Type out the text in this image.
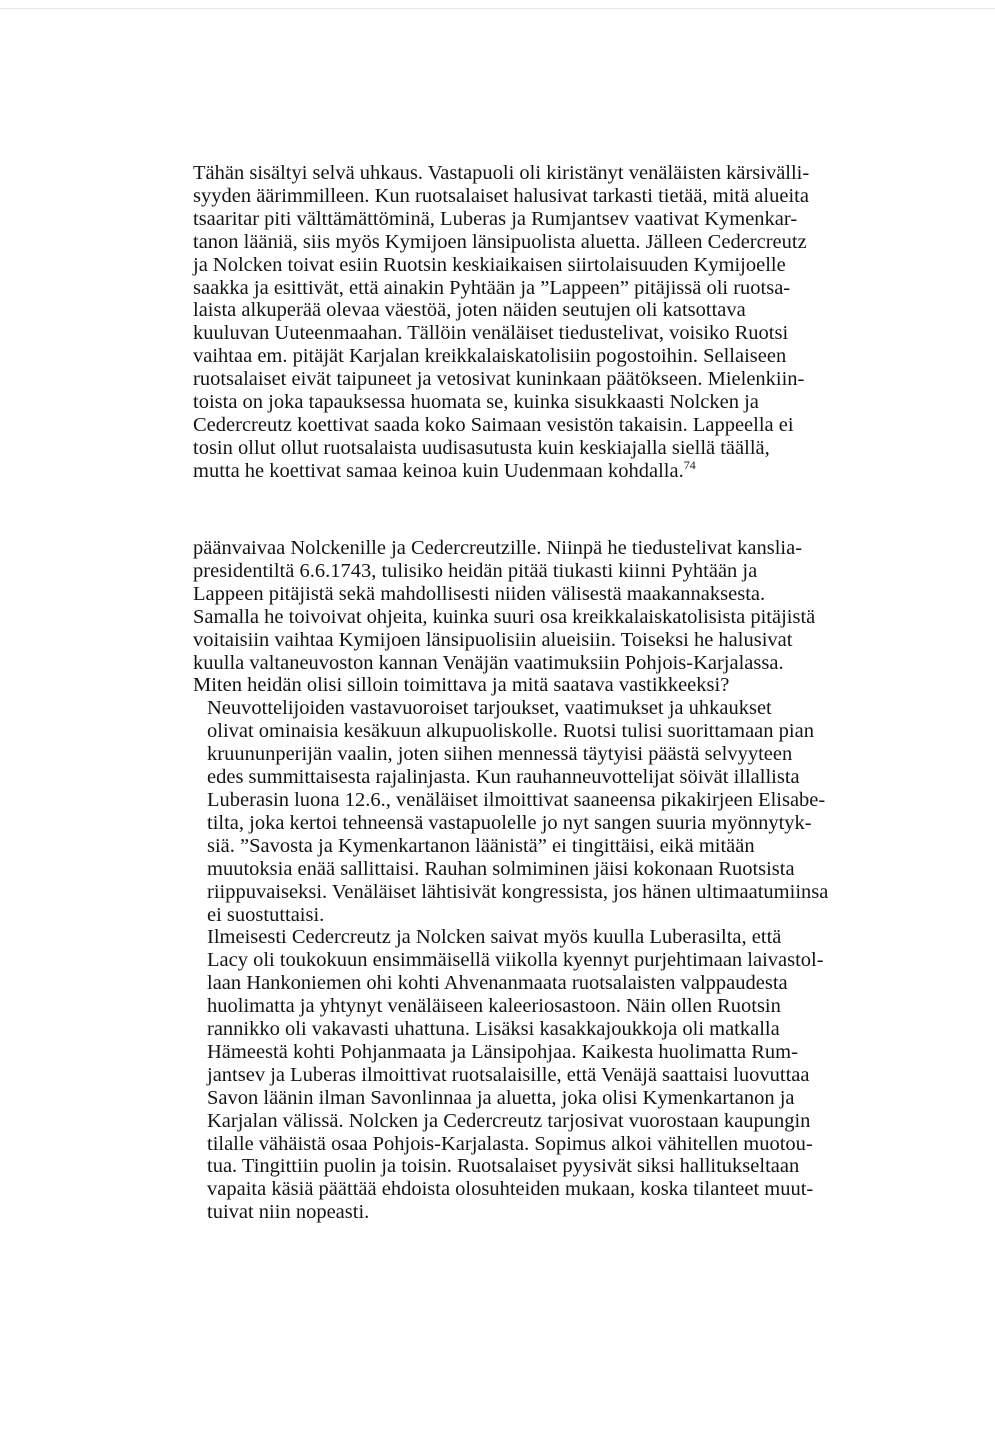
Tähän sisältyi selvä uhkaus. Vastapuoli oli kiristänyt venäläisten kärsivälli-
syyden äärimmilleen. Kun ruotsalaiset halusivat tarkasti tietää, mitä alueita
tsaaritar piti välttämättöminä, Luberas ja Rumjantsev vaativat Kymenkar-
tanon lääniä, siis myös Kymijoen länsipuolista aluetta. Jälleen Cedercreutz
ja Nolcken toivat esiin Ruotsin keskiaikaisen siirtolaisuuden Kymijoelle
saakka ja esittivät, että ainakin Pyhtään ja ”Lappeen” pitäjissä oli ruotsa-
laista alkuperää olevaa väestöä, joten näiden seutujen oli katsottava
kuuluvan Uuteenmaahan. Tällöin venäläiset tiedustelivat, voisiko Ruotsi
vaihtaa em. pitäjät Karjalan kreikkalaiskatolisiin pogostoihin. Sellaiseen
ruotsalaiset eivät taipuneet ja vetosivat kuninkaan päätökseen. Mielenkiin-
toista on joka tapauksessa huomata se, kuinka sisukkaasti Nolcken ja
Cedercreutz koettivat saada koko Saimaan vesistön takaisin. Lappeella ei
tosin ollut ollut ruotsalaista uudisasutusta kuin keskiajalla siellä täällä,
mutta he koettivat samaa keinoa kuin Uudenmaan kohdalla.$^{74}$

päänvaivaa Nolckenille ja Cedercreutzille. Niinpä he tiedustelivat kanslia-
presidentiltä 6.6.1743, tulisiko heidän pitää tiukasti kiinni Pyhtään ja
Lappeen pitäjistä sekä mahdollisesti niiden välisestä maakannaksesta.
Samalla he toivoivat ohjeita, kuinka suuri osa kreikkalaiskatolisista pitäjistä
voitaisiin vaihtaa Kymijoen länsipuolisiin alueisiin. Toiseksi he halusivat
kuulla valtaneuvoston kannan Venäjän vaatimuksiin Pohjois-Karjalassa.
Miten heidän olisi silloin toimittava ja mitä saatava vastikkeeksi?

Neuvottelijoiden vastavuoroiset tarjoukset, vaatimukset ja uhkaukset
olivat ominaisia kesäkuun alkupuoliskolle. Ruotsi tulisi suorittamaan pian
kruununperijän vaalin, joten siihen mennessä täytyisi päästä selvyyteen
edes summittaisesta rajalinjasta. Kun rauhanneuvottelijat söivät illallista
Luberasin luona 12.6., venäläiset ilmoittivat saaneensa pikakirjeen Elisabe-
tilta, joka kertoi tehneensä vastapuolelle jo nyt sangen suuria myönnytyk-
siä. ”Savosta ja Kymenkartanon läänistä” ei tingittäisi, eikä mitään
muutoksia enää sallittaisi. Rauhan solmiminen jäisi kokonaan Ruotsista
riippuvaiseksi. Venäläiset lähtisivät kongressista, jos hänen ultimaatumiinsa
ei suostuttaisi.

Ilmeisesti Cedercreutz ja Nolcken saivat myös kuulla Luberasilta, että
Lacy oli toukokuun ensimmäisellä viikolla kyennyt purjehtimaan laivastol-
laan Hankoniemen ohi kohti Ahvenanmaata ruotsalaisten valppaudesta
huolimatta ja yhtynyt venäläiseen kaleeriosastoon. Näin ollen Ruotsin
rannikko oli vakavasti uhattuna. Lisäksi kasakkajoukkoja oli matkalla
Hämeestä kohti Pohjanmaata ja Länsipohjaa. Kaikesta huolimatta Rum-
jantsev ja Luberas ilmoittivat ruotsalaisille, että Venäjä saattaisi luovuttaa
Savon läänin ilman Savonlinnaa ja aluetta, joka olisi Kymenkartanon ja
Karjalan välissä. Nolcken ja Cedercreutz tarjosivat vuorostaan kaupungin
tilalle vähäistä osaa Pohjois-Karjalasta. Sopimus alkoi vähitellen muotou-
tua. Tingittiin puolin ja toisin. Ruotsalaiset pyysivät siksi hallitukseltaan
vapaita käsiä päättää ehdoista olosuhteiden mukaan, koska tilanteet muut-
tuivat niin nopeasti.
